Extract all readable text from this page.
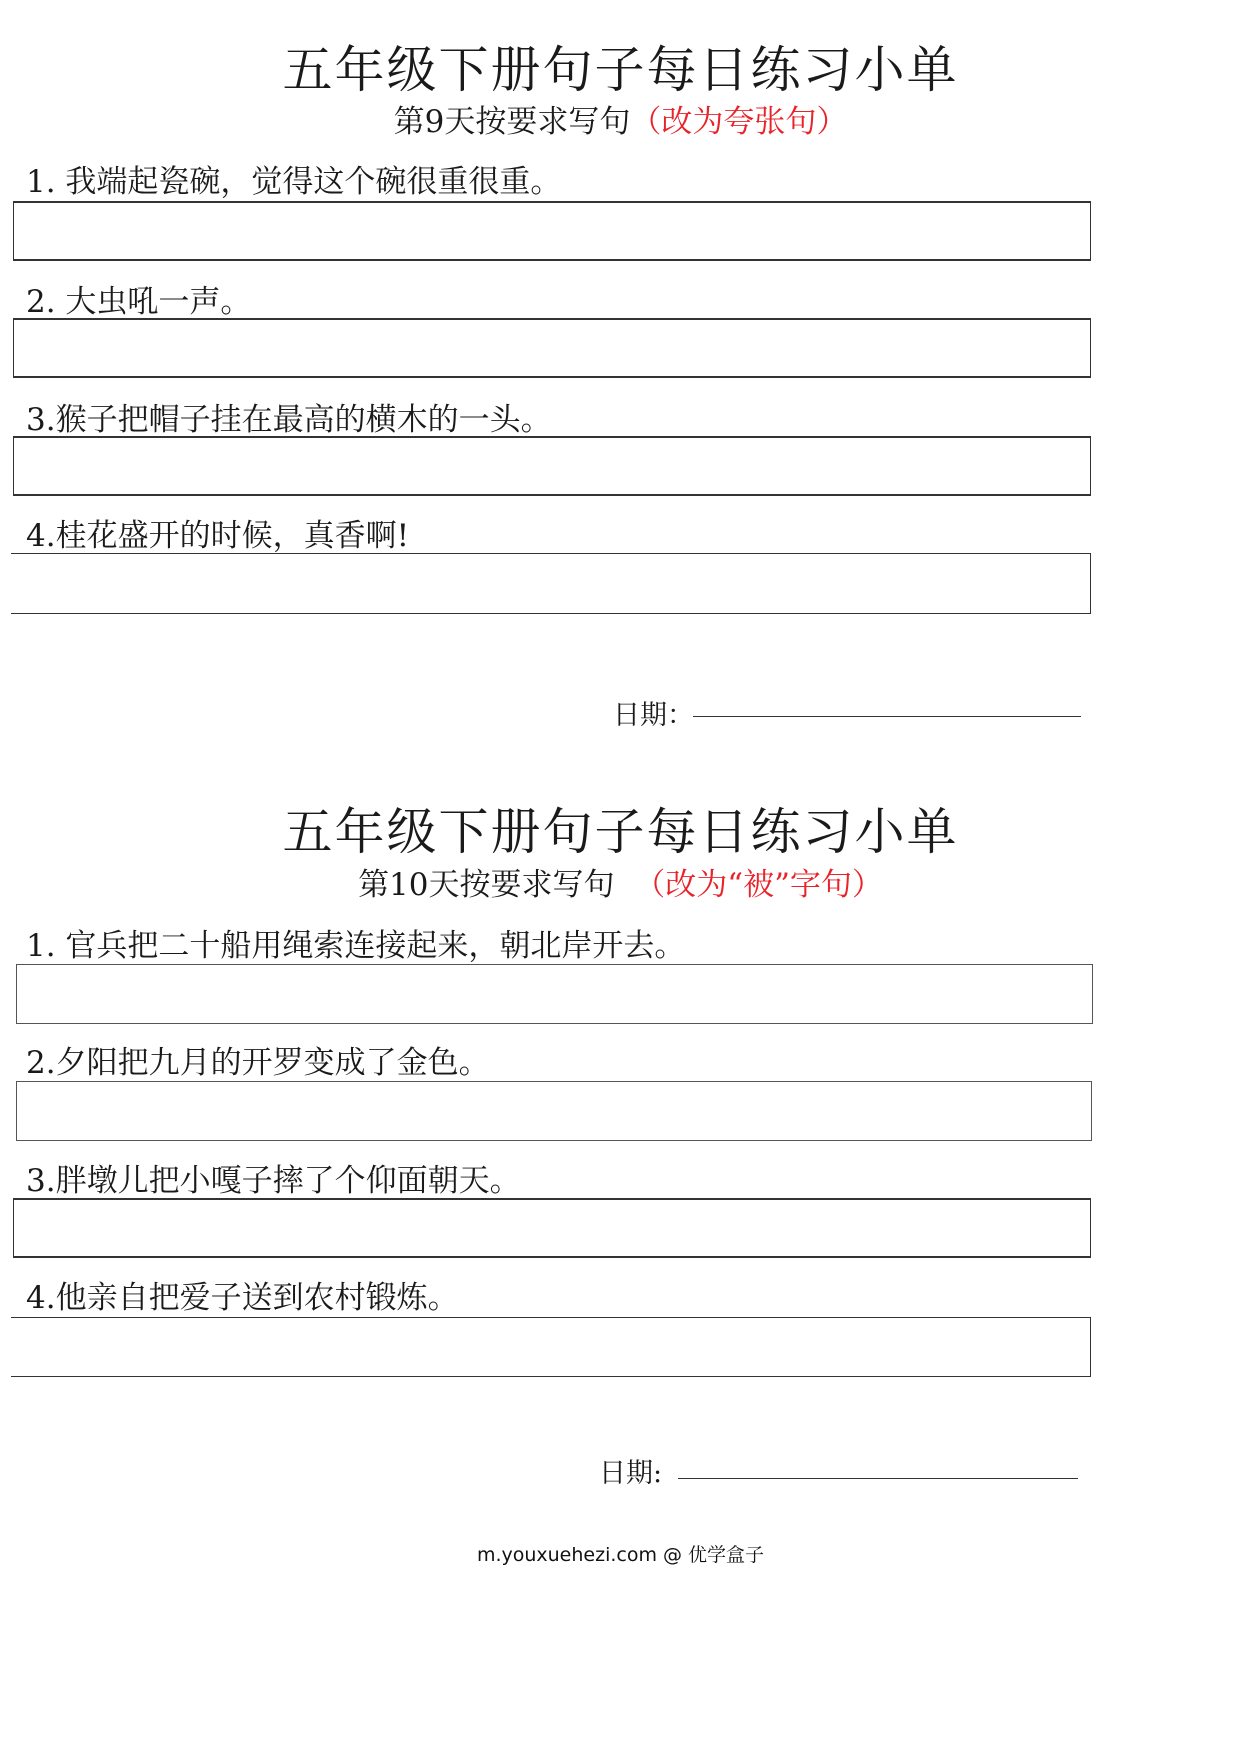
五年级下册句子每日练习小单
第9天按要求写句（改为夸张句）
1. 我端起瓷碗，觉得这个碗很重很重。
2. 大虫吼一声。
3.猴子把帽子挂在最高的横木的一头。
4.桂花盛开的时候，真香啊!
日期：
五年级下册句子每日练习小单
第10天按要求写句 （改为“被”字句）
1. 官兵把二十船用绳索连接起来，朝北岸开去。
2.夕阳把九月的开罗变成了金色。
3.胖墩儿把小嘎子摔了个仰面朝天。
4.他亲自把爱子送到农村锻炼。
日期:
m.youxuehezi.com @ 优学盒子
